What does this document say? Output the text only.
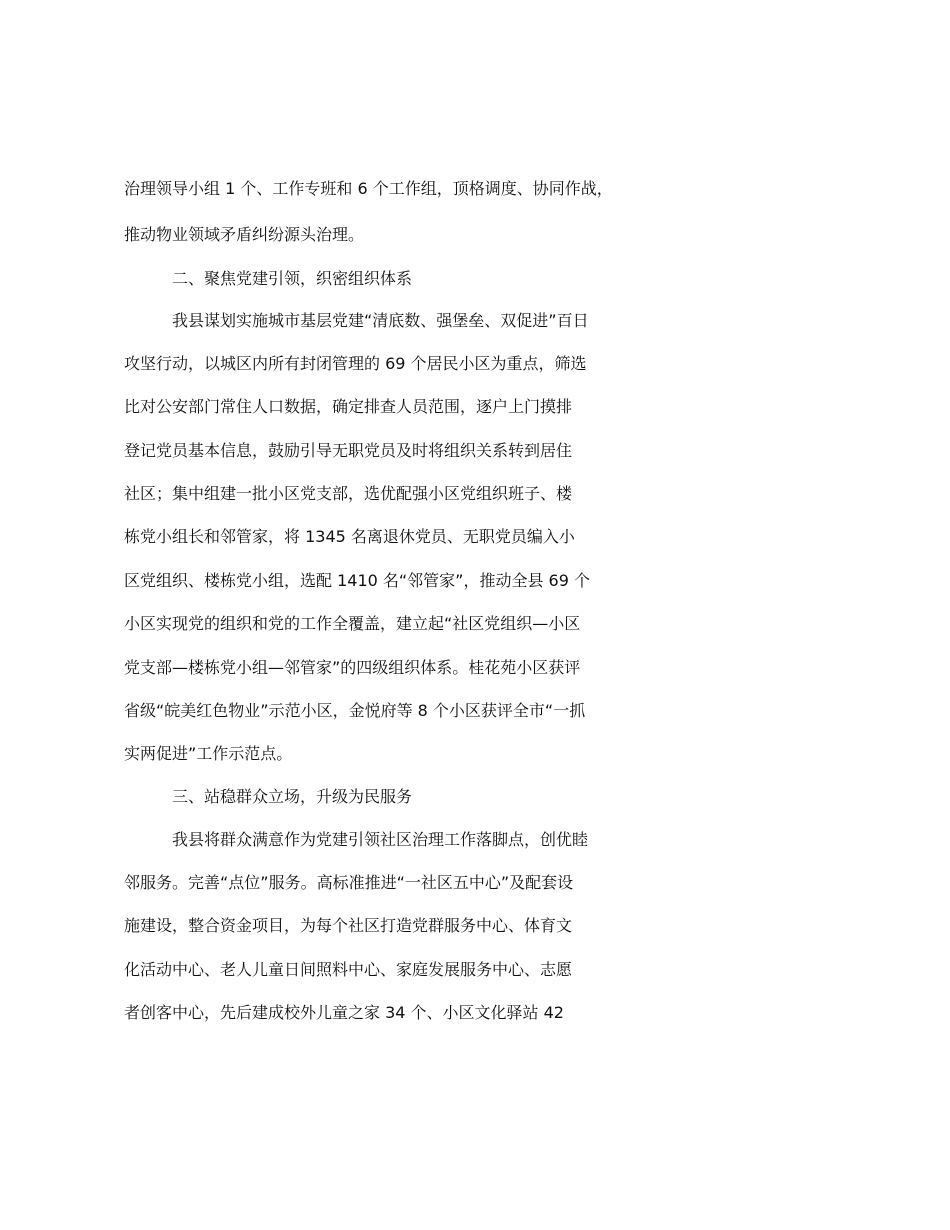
治理领导小组 1 个、工作专班和 6 个工作组，顶格调度、协同作战，
推动物业领域矛盾纠纷源头治理。
二、聚焦党建引领，织密组织体系
我县谋划实施城市基层党建“清底数、强堡垒、双促进”百日
攻坚行动，以城区内所有封闭管理的 69 个居民小区为重点，筛选
比对公安部门常住人口数据，确定排查人员范围，逐户上门摸排
登记党员基本信息，鼓励引导无职党员及时将组织关系转到居住
社区；集中组建一批小区党支部，选优配强小区党组织班子、楼
栋党小组长和邻管家，将 1345 名离退休党员、无职党员编入小
区党组织、楼栋党小组，选配 1410 名“邻管家”，推动全县 69 个
小区实现党的组织和党的工作全覆盖，建立起“社区党组织—小区
党支部—楼栋党小组—邻管家”的四级组织体系。桂花苑小区获评
省级“皖美红色物业”示范小区，金悦府等 8 个小区获评全市“一抓
实两促进”工作示范点。
三、站稳群众立场，升级为民服务
我县将群众满意作为党建引领社区治理工作落脚点，创优睦
邻服务。完善“点位”服务。高标准推进“一社区五中心”及配套设
施建设，整合资金项目，为每个社区打造党群服务中心、体育文
化活动中心、老人儿童日间照料中心、家庭发展服务中心、志愿
者创客中心，先后建成校外儿童之家 34 个、小区文化驿站 42
